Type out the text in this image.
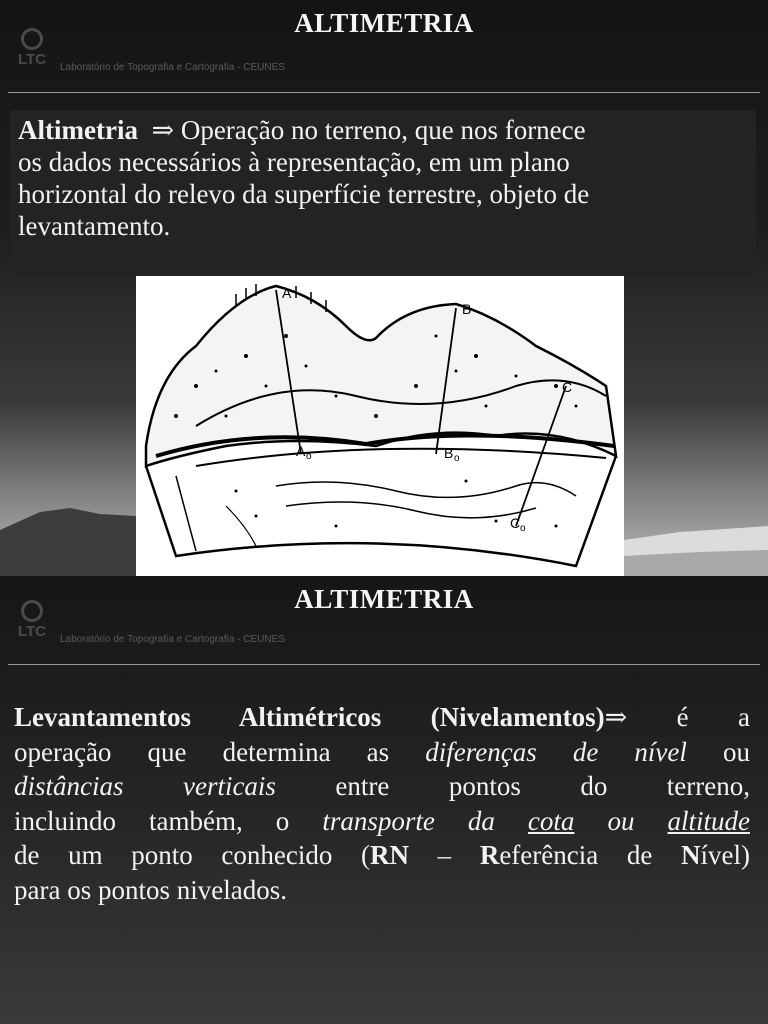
LTC Laboratório de Topografia e Cartografia - CEUNES
ALTIMETRIA
Altimetria ⇒ Operação no terreno, que nos fornece
os dados necessários à representação, em um plano
horizontal do relevo da superfície terrestre, objeto de
levantamento.
A
B
C
A o	B o
C o
LTC Laboratório de Topografia e Cartografia - CEUNES
ALTIMETRIA
Levantamentos Altimétricos (Nivelamentos)⇒ é a
operação que determina as diferenças de nível ou
distâncias verticais entre pontos do terreno,
incluindo também, o transporte da cota ou altitude
de um ponto conhecido (RN – Referência de Nível)
para os pontos nivelados.
